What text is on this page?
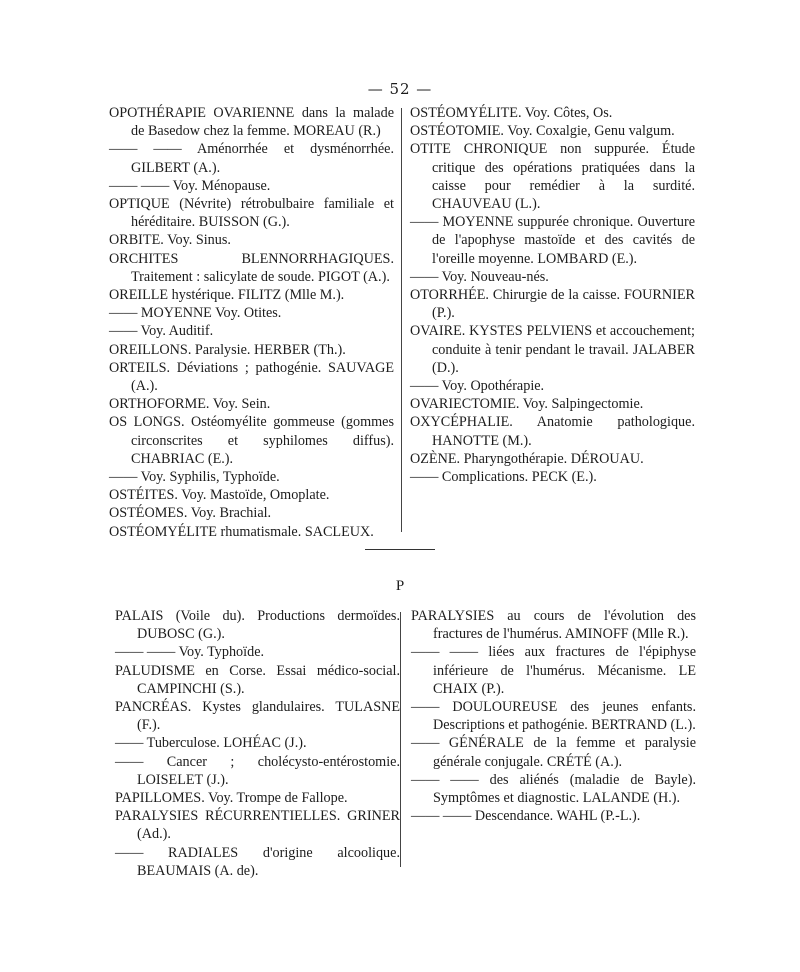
— 52 —
OPOTHÉRAPIE OVARIENNE dans la malade de Basedow chez la femme. MOREAU (R.)
—— —— Aménorrhée et dysménorrhée. GILBERT (A.).
—— —— Voy. Ménopause.
OPTIQUE (Névrite) rétrobulbaire familiale et héréditaire. BUISSON (G.).
ORBITE. Voy. Sinus.
ORCHITES BLENNORRHAGIQUES. Traitement : salicylate de soude. PIGOT (A.).
OREILLE hystérique. FILITZ (Mlle M.).
—— MOYENNE Voy. Otites.
—— Voy. Auditif.
OREILLONS. Paralysie. HERBER (Th.).
ORTEILS. Déviations ; pathogénie. SAUVAGE (A.).
ORTHOFORME. Voy. Sein.
OS LONGS. Ostéomyélite gommeuse (gommes circonscrites et syphilomes diffus). CHABRIAC (E.).
—— Voy. Syphilis, Typhoïde.
OSTÉITES. Voy. Mastoïde, Omoplate.
OSTÉOMES. Voy. Brachial.
OSTÉOMYÉLITE rhumatismale. SACLEUX.
OSTÉOMYÉLITE. Voy. Côtes, Os.
OSTÉOTOMIE. Voy. Coxalgie, Genu valgum.
OTITE CHRONIQUE non suppurée. Étude critique des opérations pratiquées dans la caisse pour remédier à la surdité. CHAUVEAU (L.).
—— MOYENNE suppurée chronique. Ouverture de l'apophyse mastoïde et des cavités de l'oreille moyenne. LOMBARD (E.).
—— Voy. Nouveau-nés.
OTORRHÉE. Chirurgie de la caisse. FOURNIER (P.).
OVAIRE. KYSTES PELVIENS et accouchement; conduite à tenir pendant le travail. JALABER (D.).
—— Voy. Opothérapie.
OVARIECTOMIE. Voy. Salpingectomie.
OXYCÉPHALIE. Anatomie pathologique. HANOTTE (M.).
OZÈNE. Pharyngothérapie. DÉROUAU.
—— Complications. PECK (E.).
P
PALAIS (Voile du). Productions dermoïdes. DUBOSC (G.).
—— —— Voy. Typhoïde.
PALUDISME en Corse. Essai médico-social. CAMPINCHI (S.).
PANCRÉAS. Kystes glandulaires. TULASNE (F.).
—— Tuberculose. LOHÉAC (J.).
—— Cancer ; cholécysto-entérostomie. LOISELET (J.).
PAPILLOMES. Voy. Trompe de Fallope.
PARALYSIES RÉCURRENTIELLES. GRINER (Ad.).
—— RADIALES d'origine alcoolique. BEAUMAIS (A. de).
PARALYSIES au cours de l'évolution des fractures de l'humérus. AMINOFF (Mlle R.).
—— —— liées aux fractures de l'épiphyse inférieure de l'humérus. Mécanisme. LE CHAIX (P.).
—— DOULOUREUSE des jeunes enfants. Descriptions et pathogénie. BERTRAND (L.).
—— GÉNÉRALE de la femme et paralysie générale conjugale. CRÉTÉ (A.).
—— —— des aliénés (maladie de Bayle). Symptômes et diagnostic. LALANDE (H.).
—— —— Descendance. WAHL (P.-L.).
